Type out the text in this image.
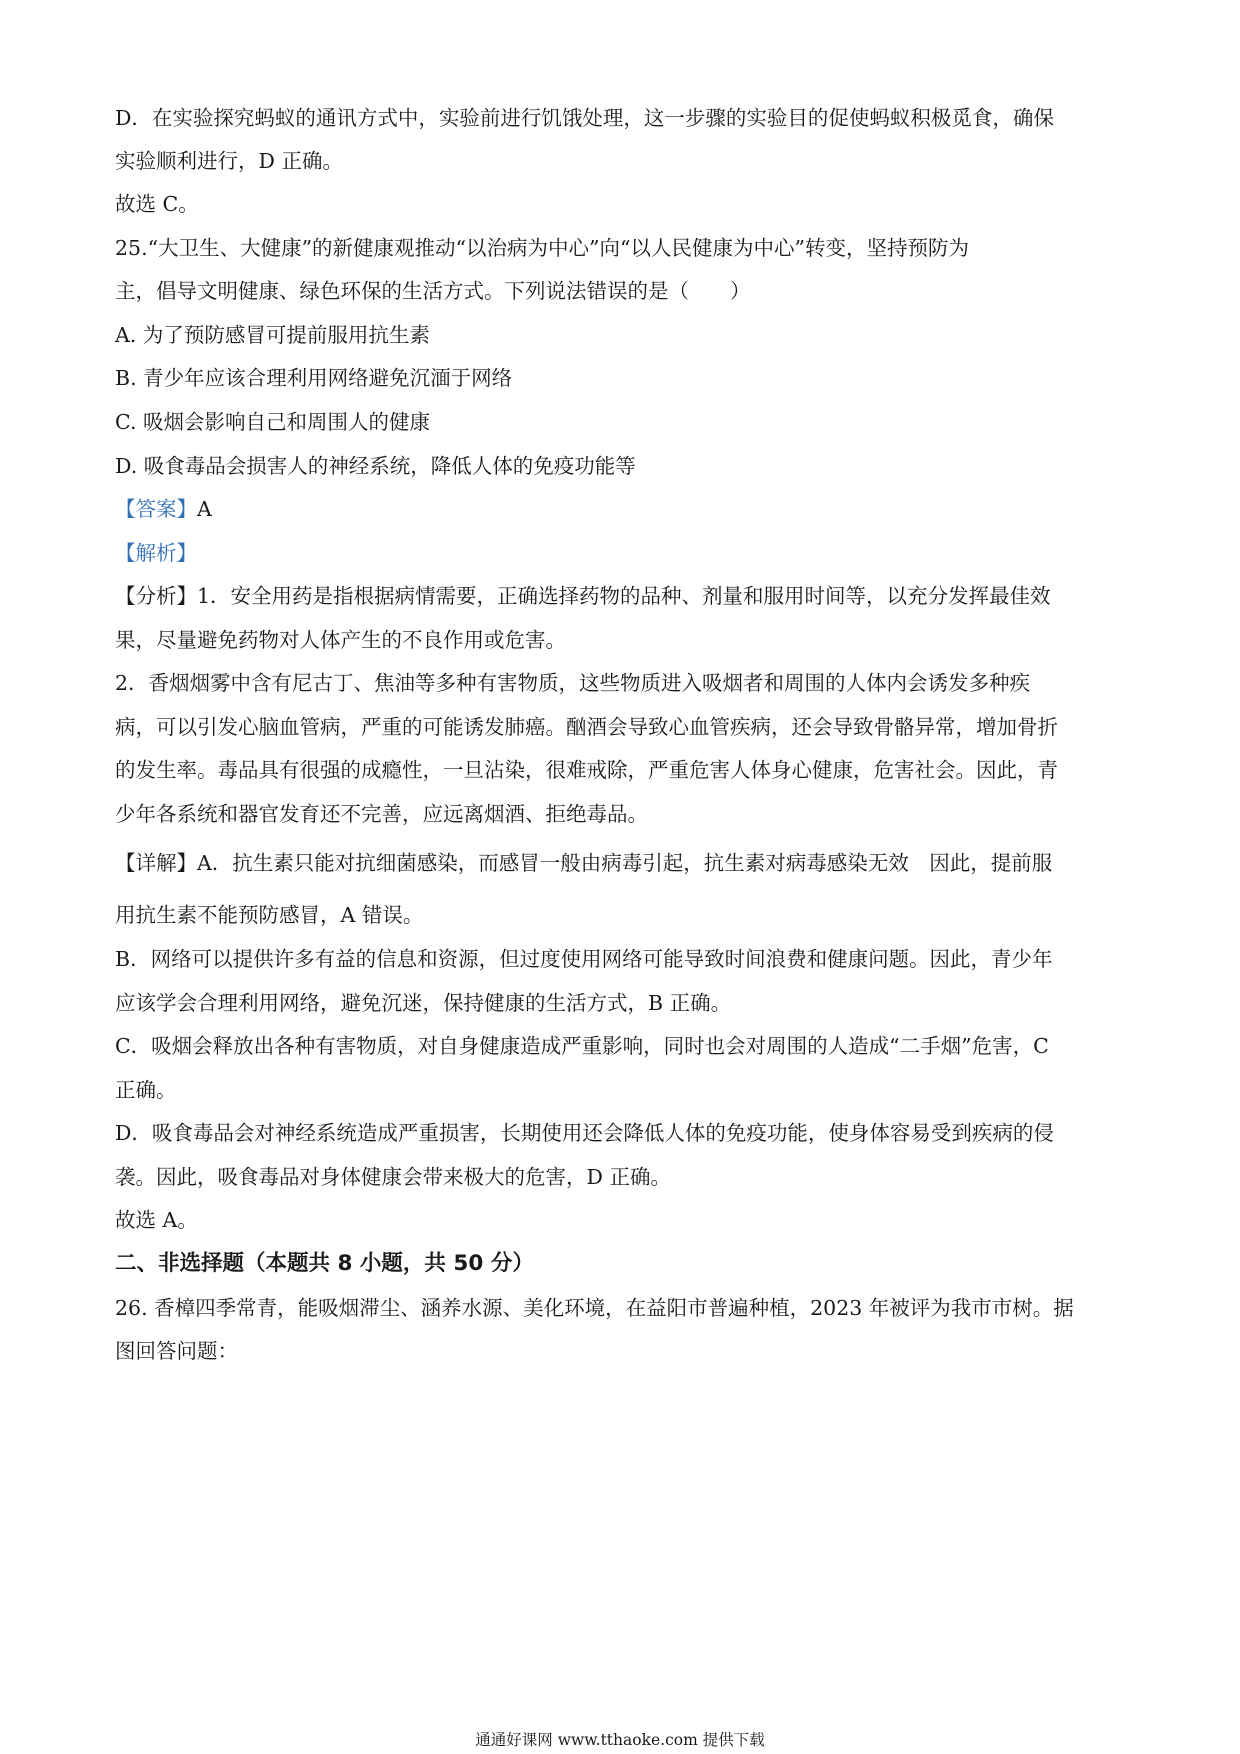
D．在实验探究蚂蚁的通讯方式中，实验前进行饥饿处理，这一步骤的实验目的促使蚂蚁积极觅食，确保

实验顺利进行，D 正确。

故选 C。

25.“大卫生、大健康”的新健康观推动“以治病为中心”向“以人民健康为中心”转变，坚持预防为

主，倡导文明健康、绿色环保的生活方式。下列说法错误的是（　　）

A. 为了预防感冒可提前服用抗生素

B. 青少年应该合理利用网络避免沉湎于网络

C. 吸烟会影响自己和周围人的健康

D. 吸食毒品会损害人的神经系统，降低人体的免疫功能等

【答案】A

【解析】

【分析】1．安全用药是指根据病情需要，正确选择药物的品种、剂量和服用时间等，以充分发挥最佳效

果，尽量避免药物对人体产生的不良作用或危害。

2．香烟烟雾中含有尼古丁、焦油等多种有害物质，这些物质进入吸烟者和周围的人体内会诱发多种疾

病，可以引发心脑血管病，严重的可能诱发肺癌。酗酒会导致心血管疾病，还会导致骨骼异常，增加骨折

的发生率。毒品具有很强的成瘾性，一旦沾染，很难戒除，严重危害人体身心健康，危害社会。因此，青

少年各系统和器官发育还不完善，应远离烟酒、拒绝毒品。

【详解】A．抗生素只能对抗细菌感染，而感冒一般由病毒引起，抗生素对病毒感染无效　因此，提前服

用抗生素不能预防感冒，A 错误。

B．网络可以提供许多有益的信息和资源，但过度使用网络可能导致时间浪费和健康问题。因此，青少年

应该学会合理利用网络，避免沉迷，保持健康的生活方式，B 正确。

C．吸烟会释放出各种有害物质，对自身健康造成严重影响，同时也会对周围的人造成“二手烟”危害，C

正确。

D．吸食毒品会对神经系统造成严重损害，长期使用还会降低人体的免疫功能，使身体容易受到疾病的侵

袭。因此，吸食毒品对身体健康会带来极大的危害，D 正确。

故选 A。

二、非选择题（本题共 8 小题，共 50 分）

26. 香樟四季常青，能吸烟滞尘、涵养水源、美化环境，在益阳市普遍种植，2023 年被评为我市市树。据

图回答问题：

通通好课网 www.tthaoke.com 提供下载
